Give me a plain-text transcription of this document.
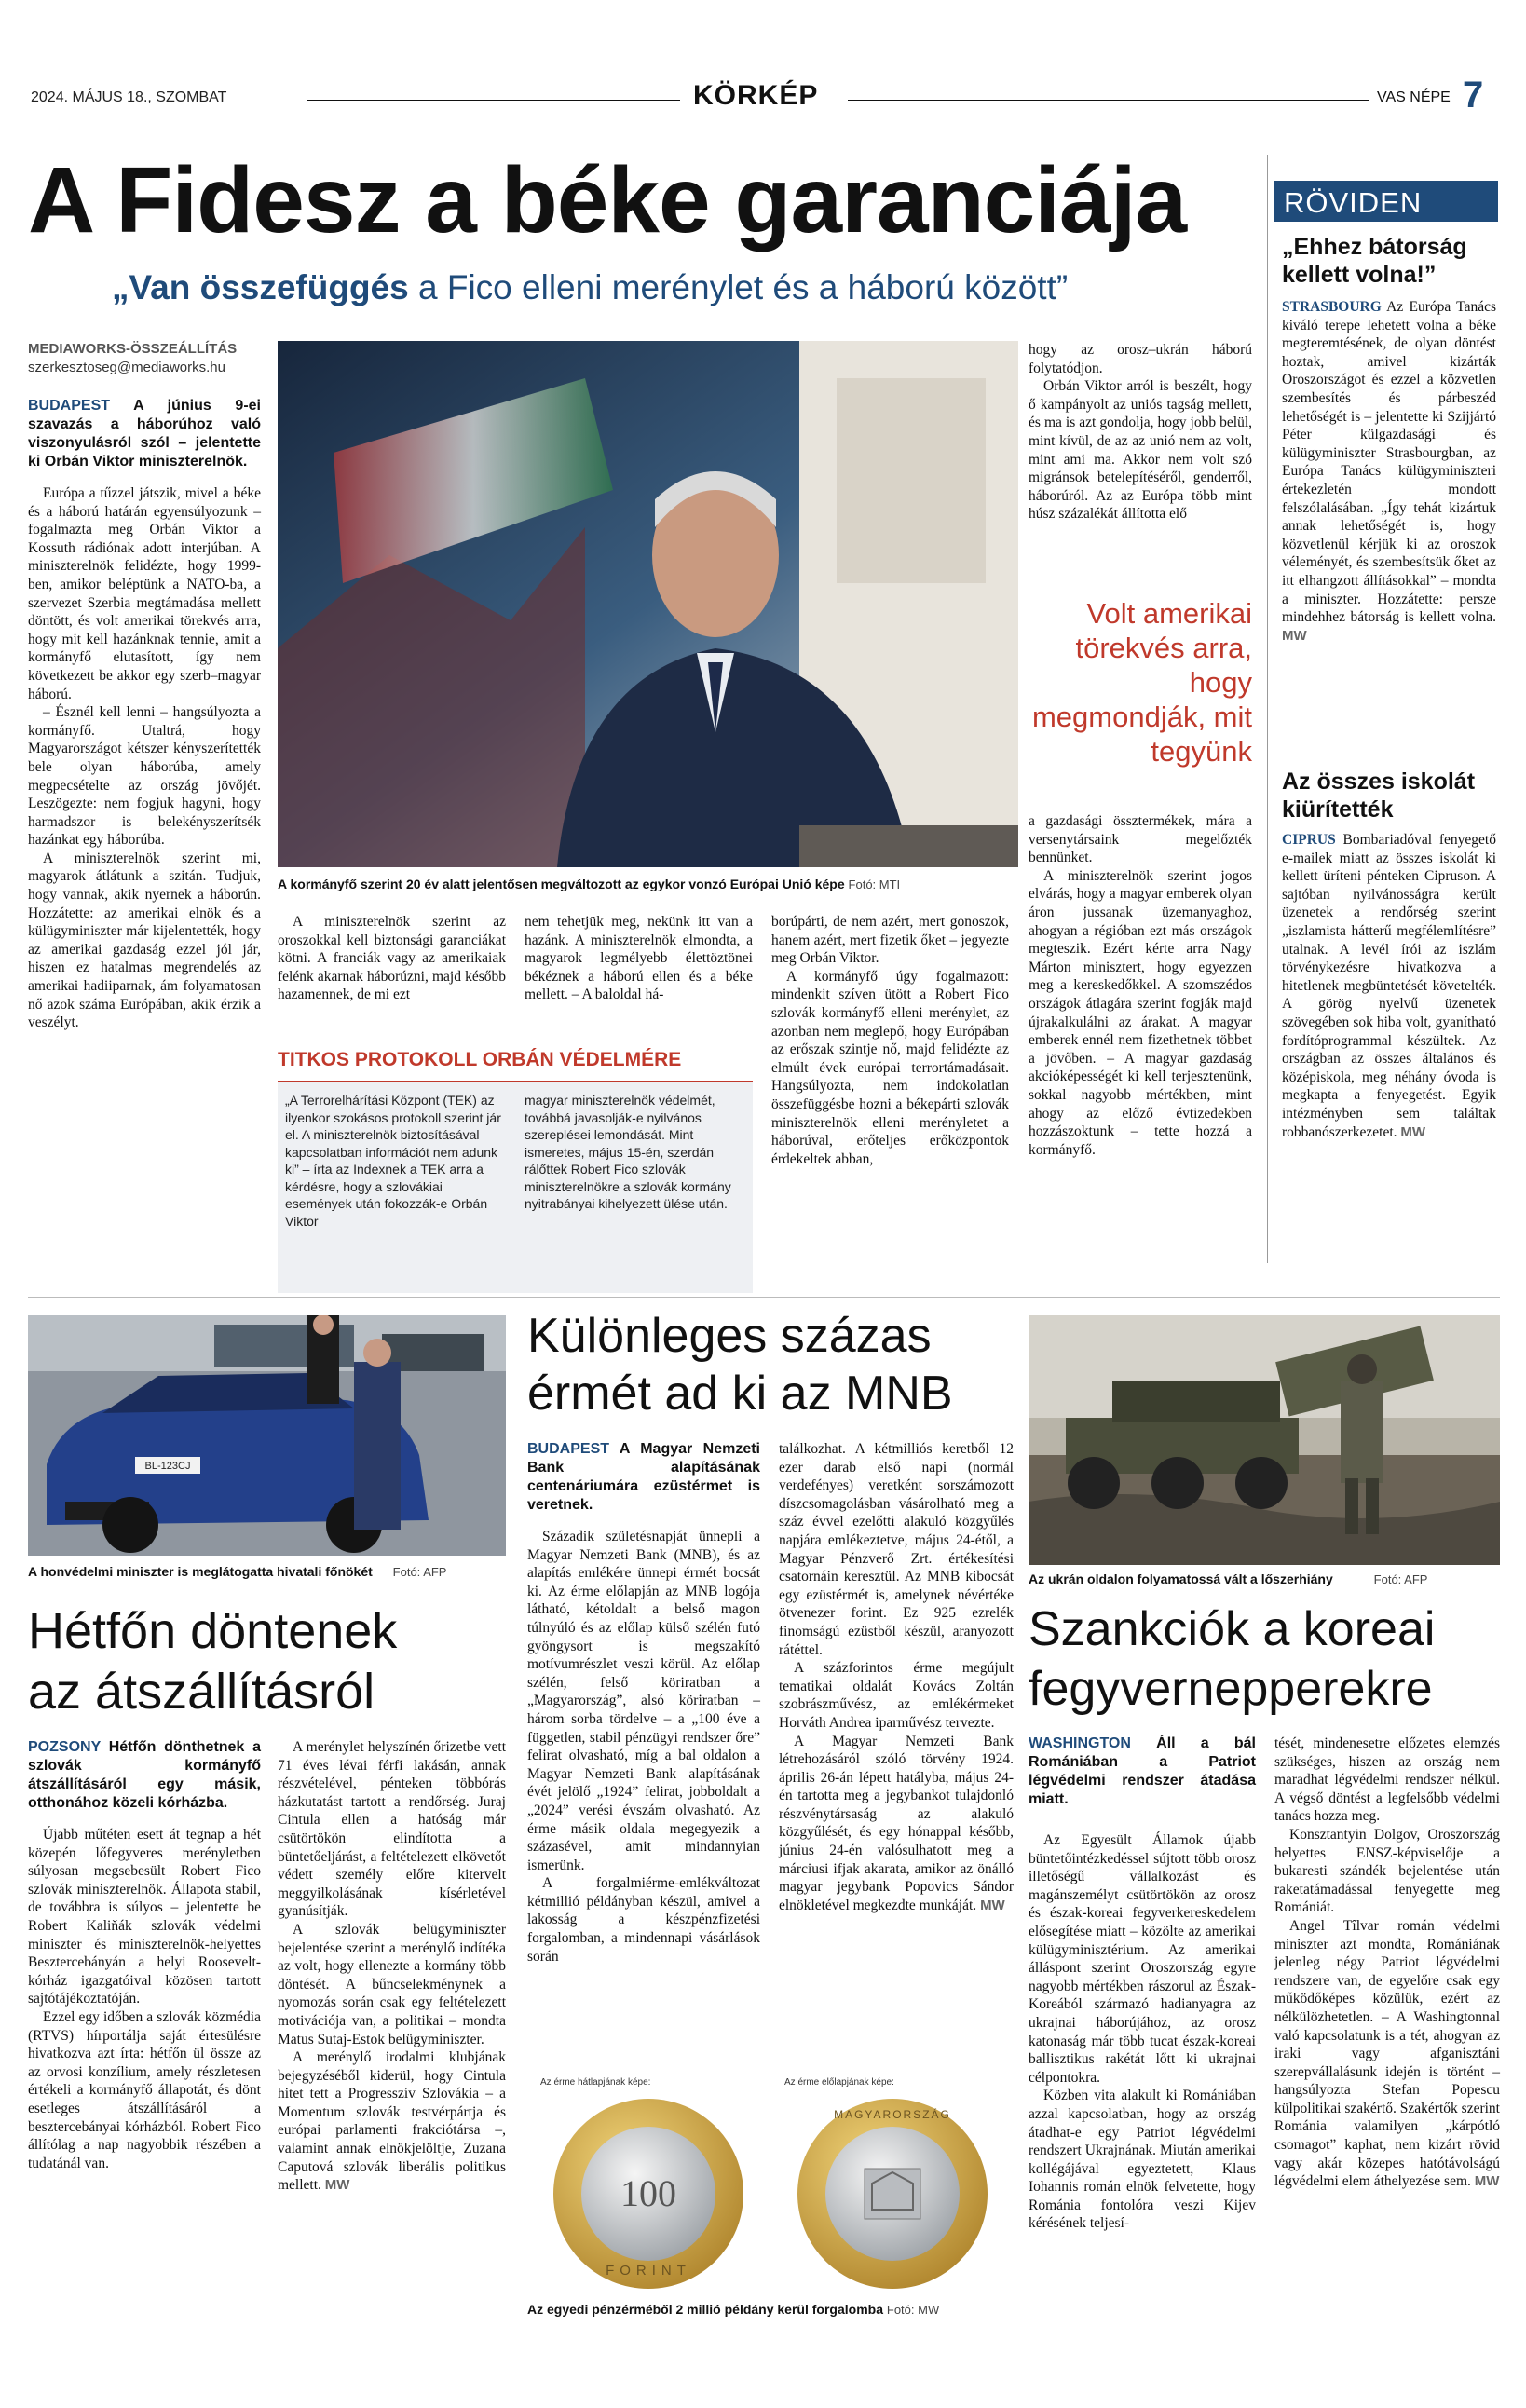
2024. MÁJUS 18., SZOMBAT	KÖRKÉP	VAS NÉPE 7
A Fidesz a béke garanciája
„Van összefüggés a Fico elleni merénylet és a háború között”
MEDIAWORKS-ÖSSZEÁLLÍTÁS
szerkesztoseg@mediaworks.hu
BUDAPEST A június 9-ei szavazás a háborúhoz való viszonyulásról szól – jelentette ki Orbán Viktor miniszterelnök.

Európa a tűzzel játszik, mivel a béke és a háború határán egyensúlyozunk – fogalmazta meg Orbán Viktor a Kossuth rádiónak adott interjúban. A miniszterelnök felidézte, hogy 1999-ben, amikor beléptünk a NATO-ba, a szervezet Szerbia megtámadása mellett döntött, és volt amerikai törekvés arra, hogy mit kell hazánknak tennie, amit a kormányfő elutasított, így nem következett be akkor egy szerb–magyar háború.

– Észnél kell lenni – hangsúlyozta a kormányfő. Utaltrá, hogy Magyarországot kétszer kényszerítették bele olyan háborúba, amely megpecsételte az ország jövőjét. Leszögezte: nem fogjuk hagyni, hogy harmadszor is belekényszerítsék hazánkat egy háborúba.

A miniszterelnök szerint mi, magyarok átlátunk a szitán. Tudjuk, hogy vannak, akik nyernek a háborún. Hozzátette: az amerikai elnök és a külügyminiszter már kijelentették, hogy az amerikai gazdaság ezzel jól jár, hiszen ez hatalmas megrendelés az amerikai hadiiparnak, ám folyamatosan nő azok száma Európában, akik érzik a veszélyt.

A kormányfő szerint 20 év alatt jelentősen megváltozott az egykor vonzó Európai Unió képe Fotó: MTI

A miniszterelnök szerint az oroszokkal kell biztonsági garanciákat kötni. A franciák vagy az amerikaiak felénk akarnak háborúzni, majd később hazamennek, de mi ezt

nem tehetjük meg, nekünk itt van a hazánk. A miniszterelnök elmondta, a magyarok legmélyebb élettöztönei békéznek a háború ellen és a béke mellett. – A baloldal há-

TITKOS PROTOKOLL ORBÁN VÉDELMÉRE
„A Terrorelhárítási Központ (TEK) az ilyenkor szokásos protokoll szerint jár el. A miniszterelnök biztosításával kapcsolatban információt nem adunk ki” – írta az Indexnek a TEK arra a kérdésre, hogy a szlovákiai események után fokozzák-e Orbán Viktor
magyar miniszterelnök védelmét, továbbá javasolják-e nyilvános szereplései lemondását. Mint ismeretes, május 15-én, szerdán rálőttek Robert Fico szlovák miniszterelnökre a szlovák kormány nyitrabányai kihelyezett ülése után.

borúpárti, de nem azért, mert gonoszok, hanem azért, mert fizetik őket – jegyezte meg Orbán Viktor.

A kormányfő úgy fogalmazott: mindenkit szíven ütött a Robert Fico szlovák kormányfő elleni merénylet, az azonban nem meglepő, hogy Európában az erőszak szintje nő, majd felidézte az elmúlt évek európai terrortámadásait. Hangsúlyozta, nem indokolatlan összefüggésbe hozni a békepárti szlovák miniszterelnök elleni merényletet a háborúval, erőteljes erőközpontok érdekeltek abban,

hogy az orosz–ukrán háború folytatódjon.

Orbán Viktor arról is beszélt, hogy ő kampányolt az uniós tagság mellett, és ma is azt gondolja, hogy jobb belül, mint kívül, de az az unió nem az volt, mint ami ma. Akkor nem volt szó migránsok betelepítéséről, genderről, háborúról. Az az Európa több mint húsz százalékát állította elő

Volt amerikai törekvés arra, hogy megmondják, mit tegyünk

a gazdasági össztermékek, mára a versenytársaink megelőzték bennünket.

A miniszterelnök szerint jogos elvárás, hogy a magyar emberek olyan áron jussanak üzemanyaghoz, ahogyan a régióban ezt más országok megteszik. Ezért kérte arra Nagy Márton minisztert, hogy egyezzen meg a kereskedőkkel. A szomszédos országok átlagára szerint fogják majd újrakalkulálni az árakat. A magyar emberek ennél nem fizethetnek többet a jövőben. – A magyar gazdaság akcióképességét ki kell terjesztenünk, sokkal nagyobb mértékben, mint ahogy az előző évtizedekben hozzászoktunk – tette hozzá a kormányfő.

RÖVIDEN
„Ehhez bátorság kellett volna!”

STRASBOURG Az Európa Tanács kiváló terepe lehetett volna a béke megteremtésének, de olyan döntést hoztak, amivel kizárták Oroszországot és ezzel a közvetlen szembesítés és párbeszéd lehetőségét is – jelentette ki Szijjártó Péter külgazdasági és külügyminiszter Strasbourgban, az Európa Tanács külügyminiszteri értekezletén mondott felszólalásában. „Így tehát kizártuk annak lehetőségét is, hogy közvetlenül kérjük ki az oroszok véleményét, és szembesítsük őket az itt elhangzott állításokkal” – mondta a miniszter. Hozzátette: persze mindehhez bátorság is kellett volna. MW

Az összes iskolát kiürítették

CIPRUS Bombariadóval fenyegető e-mailek miatt az összes iskolát ki kellett üríteni pénteken Cipruson. A sajtóban nyilvánosságra került üzenetek a rendőrség szerint „iszlamista hátterű megfélemlítésre” utalnak. A levél írói az iszlám törvénykezésre hivatkozva a hitetlenek megbüntetését követelték. A görög nyelvű üzenetek szövegében sok hiba volt, gyanítható fordítóprogrammal készültek. Az országban az összes általános és középiskola, meg néhány óvoda is megkapta a fenyegetést. Egyik intézményben sem találtak robbanószerkezetet. MW

BL-123CJ
A honvédelmi miniszter is meglátogatta hivatali főnökét Fotó: AFP
Hétfőn döntenek
az átszállításról
POZSONY Hétfőn dönthetnek a szlovák kormányfő átszállításáról egy másik, otthonához közeli kórházba.

Újabb műtéten esett át tegnap a hét közepén lőfegyveres merényletben súlyosan megsebesült Robert Fico szlovák miniszterelnök. Állapota stabil, de továbbra is súlyos – jelentette be Robert Kaliňák szlovák védelmi miniszter és miniszterelnök-helyettes Besztercebányán a helyi Roosevelt-kórház igazgatóival közösen tartott sajtótájékoztatóján.

Ezzel egy időben a szlovák közmédia (RTVS) hírportálja saját értesülésre hivatkozva azt írta: hétfőn ül össze az az orvosi konzílium, amely részletesen értékeli a kormányfő állapotát, és dönt esetleges átszállításáról a besztercebányai kórházból. Robert Fico állítólag a nap nagyobbik részében a tudatánál van.

A merénylet helyszínén őrizetbe vett 71 éves lévai férfi lakásán, annak részvételével, pénteken többórás házkutatást tartott a rendőrség. Juraj Cintula ellen a hatóság már csütörtökön elindította a büntetőeljárást, a feltételezett elkövetőt védett személy előre kitervelt meggyilkolásának kísérletével gyanúsítják.

A szlovák belügyminiszter bejelentése szerint a merénylő indítéka az volt, hogy ellenezte a kormány több döntését. A bűncselekménynek a nyomozás során csak egy feltételezett motivációja van, a politikai – mondta Matus Sutaj-Estok belügyminiszter.

A merénylő irodalmi klubjának bejegyzéséből kiderül, hogy Cintula hitet tett a Progresszív Szlovákia – a Momentum szlovák testvérpártja és európai parlamenti frakciótársa –, valamint annak elnökjelöltje, Zuzana Caputová szlovák liberális politikus mellett. MW

Különleges százas
érmét ad ki az MNB
BUDAPEST A Magyar Nemzeti Bank alapításának centenáriumára ezüstérmet is veretnek.

Századik születésnapját ünnepli a Magyar Nemzeti Bank (MNB), és az alapítás emlékére ünnepi érmét bocsát ki. Az érme előlapján az MNB logója látható, kétoldalt a belső magon túlnyúló és az előlap külső szélén futó gyöngysort is megszakító motívumrészlet veszi körül. Az előlap szélén, felső köriratban a „Magyarország”, alsó köriratban – három sorba tördelve – a „100 éve a független, stabil pénzügyi rendszer őre” felirat olvasható, míg a bal oldalon a Magyar Nemzeti Bank alapításának évét jelölő „1924” felirat, jobboldalt a „2024” verési évszám olvasható. Az érme másik oldala megegyezik a százasével, amit mindannyian ismerünk.

A forgalmiérme-emlékváltozat kétmillió példányban készül, amivel a lakosság a készpénzfizetési forgalomban, a mindennapi vásárlások során

találkozhat. A kétmilliós keretből 12 ezer darab első napi (normál verdefényes) veretként sorszámozott díszcsomagolásban vásárolható meg a száz évvel ezelőtti alakuló közgyűlés napjára emlékeztetve, május 24-étől, a Magyar Pénzverő Zrt. értékesítési csatornáin keresztül. Az MNB kibocsát egy ezüstérmét is, amelynek névértéke ötvenezer forint. Ez 925 ezrelék finomságú ezüstből készül, aranyozott rátéttel.

A százforintos érme megújult tematikai oldalát Kovács Zoltán szobrászművész, az emlékérmeket Horváth Andrea iparművész tervezte.

A Magyar Nemzeti Bank létrehozásáról szóló törvény 1924. április 26-án lépett hatályba, május 24-én tartotta meg a jegybankot tulajdonló részvénytársaság az alakuló közgyűlését, és egy hónappal később, június 24-én valósulhatott meg a márciusi ifjak akarata, amikor az önálló magyar jegybank Popovics Sándor elnökletével megkezdte munkáját. MW

Az érme hátlapjának képe:	Az érme előlapjának képe:
100
FORINT
MAGYARORSZÁG
Az egyedi pénzérméből 2 millió példány kerül forgalomba Fotó: MW
Az ukrán oldalon folyamatossá vált a lőszerhiány	Fotó: AFP
Szankciók a koreai
fegyvernepperekre
WASHINGTON Áll a bál Romániában a Patriot légvédelmi rendszer átadása miatt.

Az Egyesült Államok újabb büntetőintézkedéssel sújtott több orosz illetőségű vállalkozást és magánszemélyt csütörtökön az orosz és észak-koreai fegyverkereskedelem elősegítése miatt – közölte az amerikai külügyminisztérium. Az amerikai álláspont szerint Oroszország egyre nagyobb mértékben rászorul az Észak-Koreából származó hadianyagra az ukrajnai háborújához, az orosz katonaság már több tucat észak-koreai ballisztikus rakétát lőtt ki ukrajnai célpontokra.

Közben vita alakult ki Romániában azzal kapcsolatban, hogy az ország átadhat-e egy Patriot légvédelmi rendszert Ukrajnának. Miután amerikai kollégájával egyeztetett, Klaus Iohannis román elnök felvetette, hogy Románia fontolóra veszi Kijev kérésének teljesí-

tését, mindenesetre előzetes elemzés szükséges, hiszen az ország nem maradhat légvédelmi rendszer nélkül. A végső döntést a legfelsőbb védelmi tanács hozza meg.

Konsztantyin Dolgov, Oroszország helyettes ENSZ-képviselője a bukaresti szándék bejelentése után raketatámadással fenyegette meg Romániát.

Angel Tîlvar román védelmi miniszter azt mondta, Romániának jelenleg négy Patriot légvédelmi rendszere van, de egyelőre csak egy működőképes közülük, ezért az nélkülözhetetlen. – A Washingtonnal való kapcsolatunk is a tét, ahogyan az iraki vagy afganisztáni szerepvállalásunk idején is történt – hangsúlyozta Stefan Popescu külpolitikai szakértő. Szakértők szerint Románia valamilyen „kárpótló csomagot” kaphat, nem kizárt rövid vagy akár közepes hatótávolságú légvédelmi elem áthelyezése sem. MW
